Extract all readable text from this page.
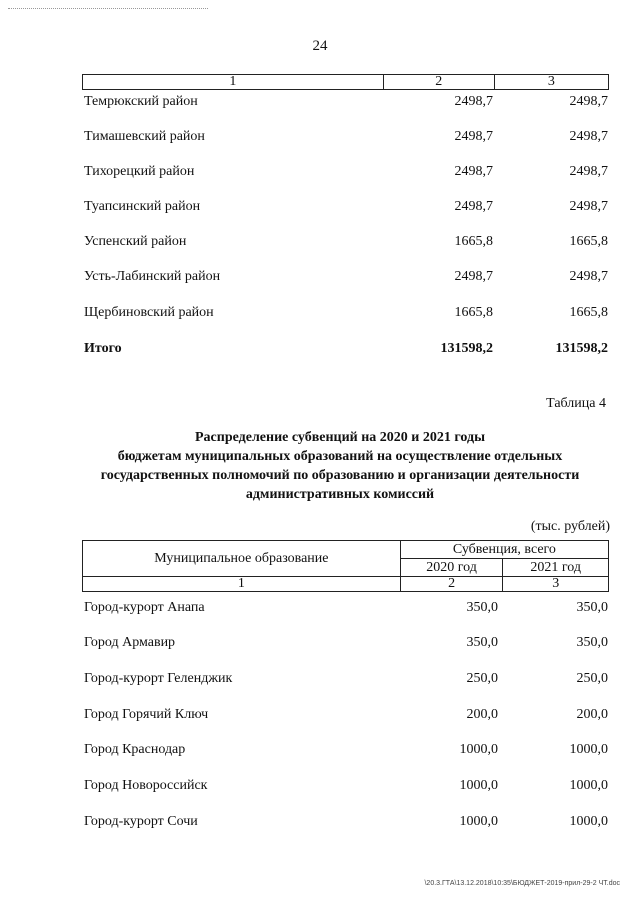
24
1	2	3
Темрюкский район	2498,7	2498,7
Тимашевский район	2498,7	2498,7
Тихорецкий район	2498,7	2498,7
Туапсинский район	2498,7	2498,7
Успенский район	1665,8	1665,8
Усть-Лабинский район	2498,7	2498,7
Щербиновский район	1665,8	1665,8
Итого	131598,2	131598,2
Таблица 4
Распределение субвенций на 2020 и 2021 годы
бюджетам муниципальных образований на осуществление отдельных
государственных полномочий по образованию и организации деятельности
административных комиссий
(тыс. рублей)
Муниципальное образование	Субвенция, всего	
	2020 год	2021 год
1	2	3
Город-курорт Анапа	350,0	350,0
Город Армавир	350,0	350,0
Город-курорт Геленджик	250,0	250,0
Город Горячий Ключ	200,0	200,0
Город Краснодар	1000,0	1000,0
Город Новороссийск	1000,0	1000,0
Город-курорт Сочи	1000,0	1000,0
\20.3.ГТА\13.12.2018\10:35\БЮДЖЕТ-2019-прил-29-2 ЧТ.doc
